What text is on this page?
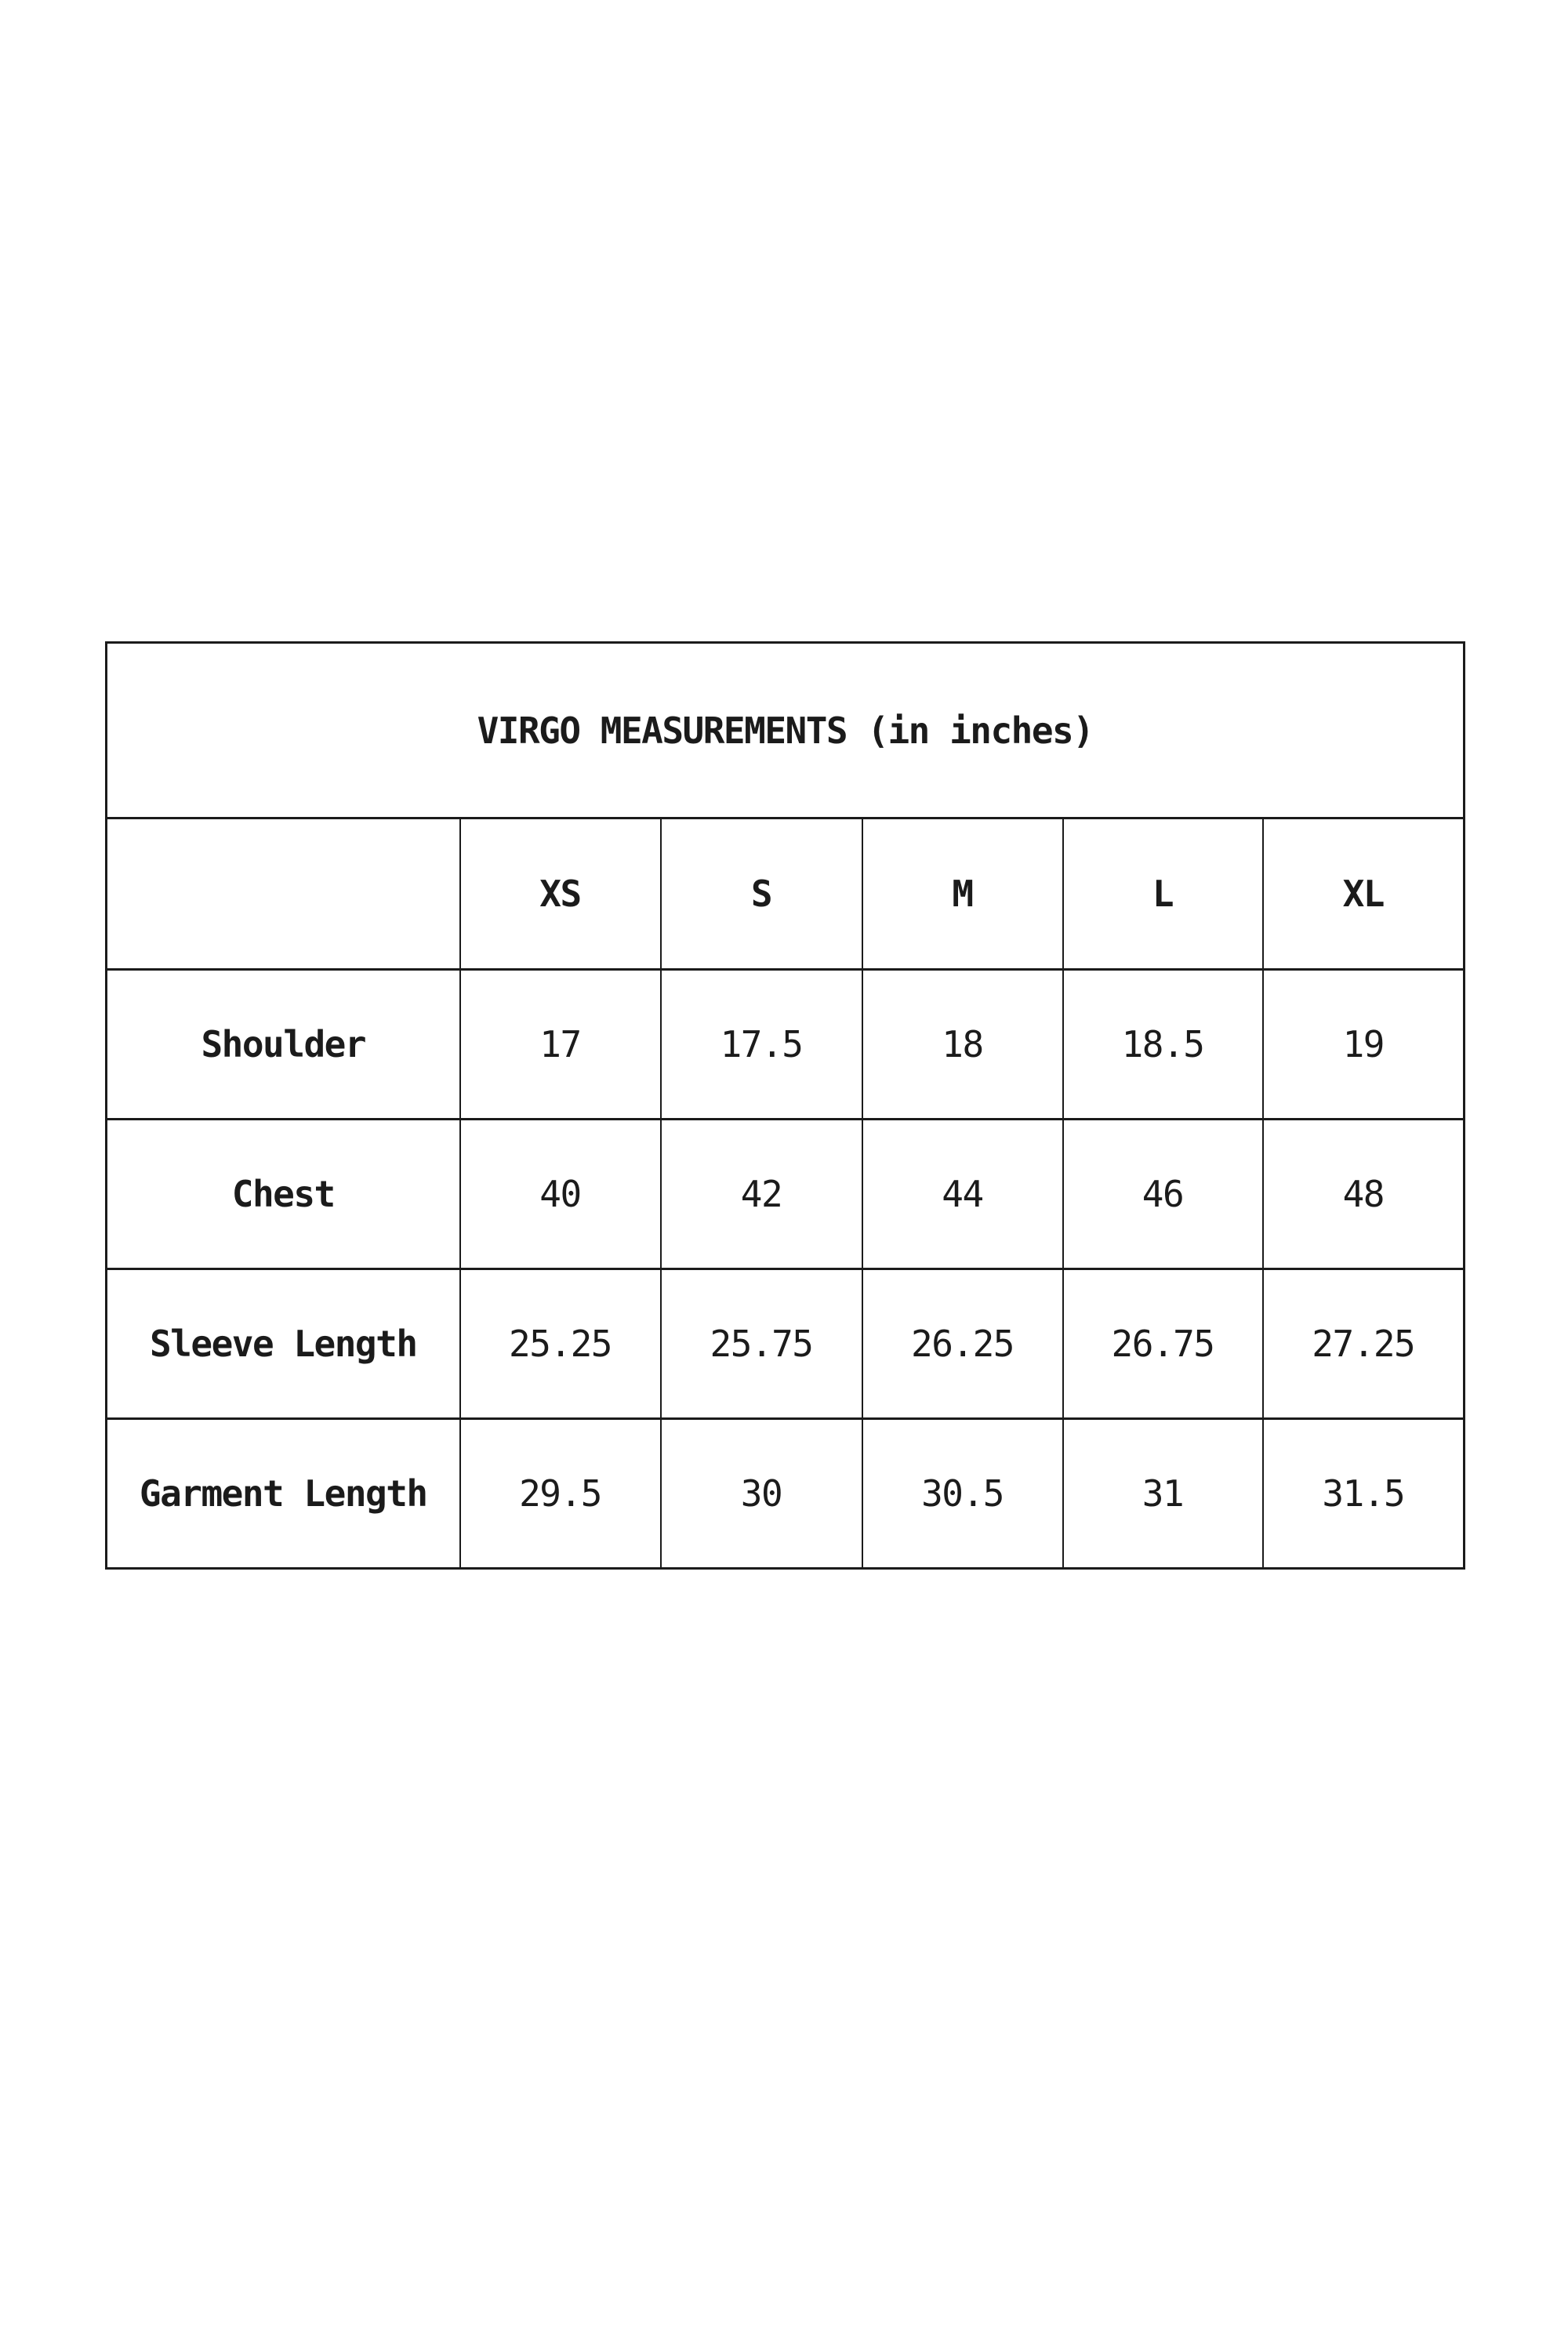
VIRGO MEASUREMENTS (in inches)					
	XS	S	M	L	XL
Shoulder	17	17.5	18	18.5	19
Chest	40	42	44	46	48
Sleeve Length	25.25	25.75	26.25	26.75	27.25
Garment Length	29.5	30	30.5	31	31.5
